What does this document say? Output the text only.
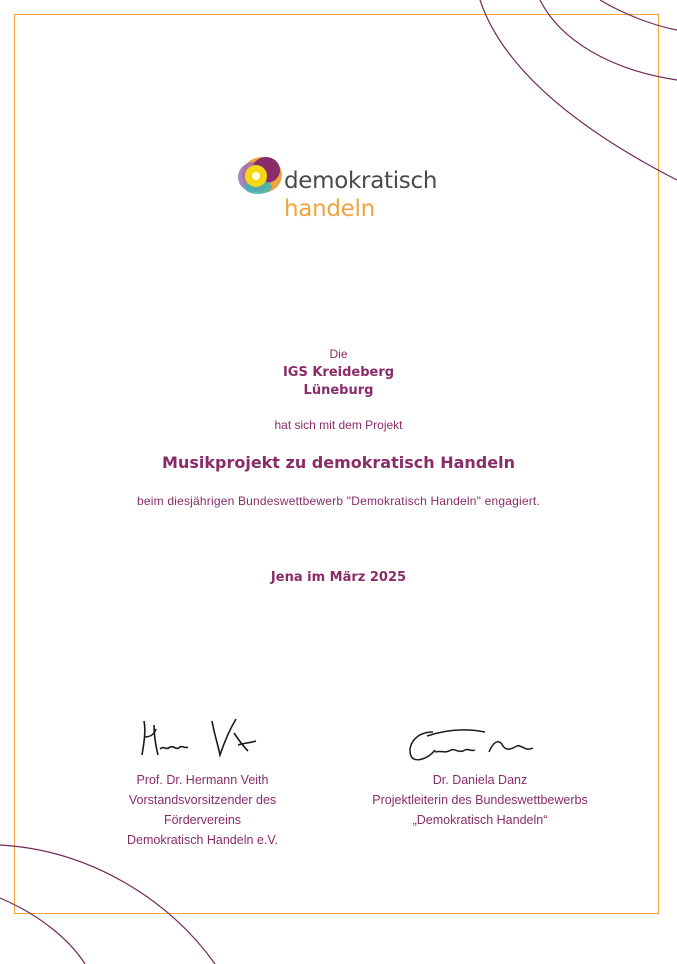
demokratisch
handeln
Die
IGS Kreideberg
Lüneburg
hat sich mit dem Projekt
Musikprojekt zu demokratisch Handeln
beim diesjährigen Bundeswettbewerb "Demokratisch Handeln" engagiert.
Jena im März 2025
Prof. Dr. Hermann Veith
Vorstandsvorsitzender des
Fördervereins
Demokratisch Handeln e.V.
Dr. Daniela Danz
Projektleiterin des Bundeswettbewerbs
„Demokratisch Handeln“
